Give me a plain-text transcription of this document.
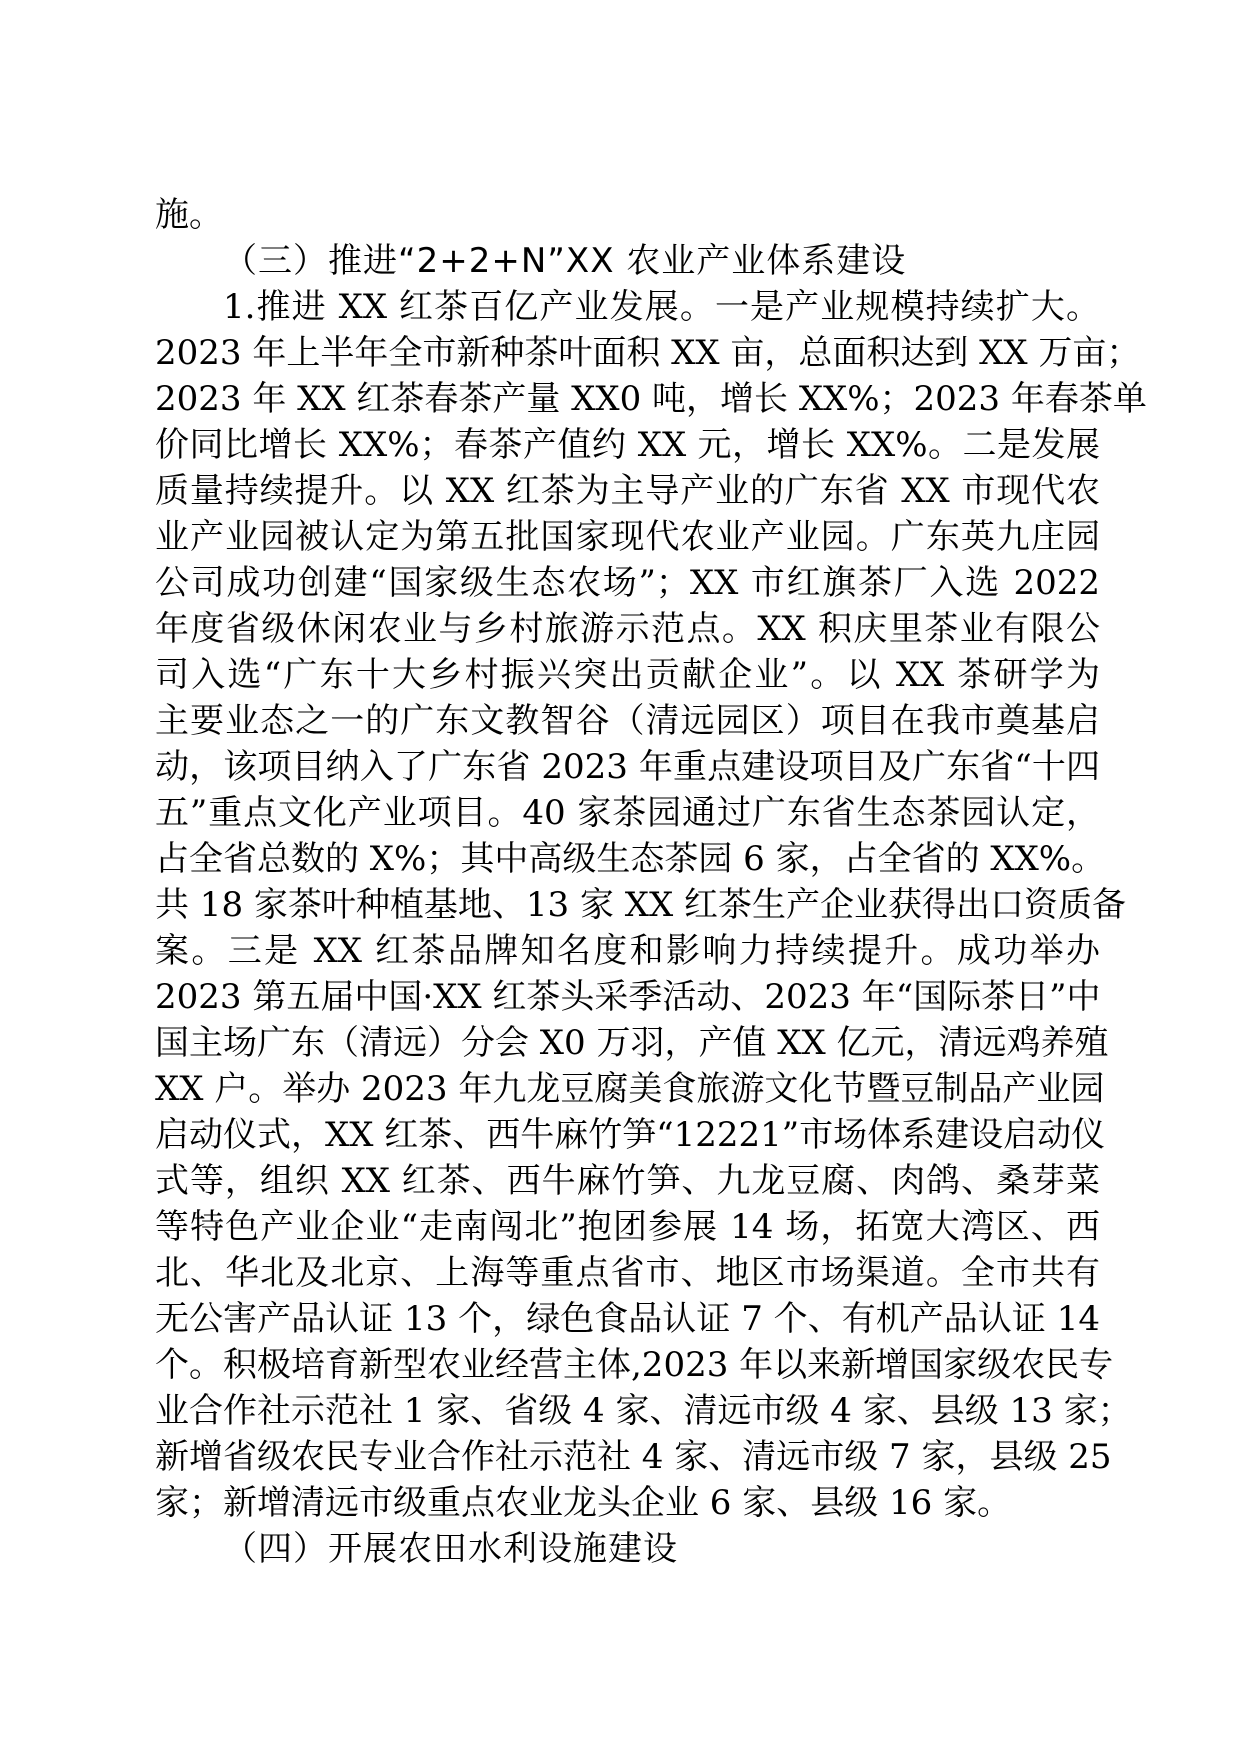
施。
（三）推进“2+2+N”XX 农业产业体系建设
1.推进 XX 红茶百亿产业发展。一是产业规模持续扩大。
2023 年上半年全市新种茶叶面积 XX 亩，总面积达到 XX 万亩；
2023 年 XX 红茶春茶产量 XX0 吨，增长 XX%；2023 年春茶单
价同比增长 XX%；春茶产值约 XX 元，增长 XX%。二是发展
质量持续提升。以 XX 红茶为主导产业的广东省 XX 市现代农
业产业园被认定为第五批国家现代农业产业园。广东英九庄园
公司成功创建“国家级生态农场”；XX 市红旗茶厂入选 2022
年度省级休闲农业与乡村旅游示范点。XX 积庆里茶业有限公
司入选“广东十大乡村振兴突出贡献企业”。以 XX 茶研学为
主要业态之一的广东文教智谷（清远园区）项目在我市奠基启
动，该项目纳入了广东省 2023 年重点建设项目及广东省“十四
五”重点文化产业项目。40 家茶园通过广东省生态茶园认定，
占全省总数的 X%；其中高级生态茶园 6 家，占全省的 XX%。
共 18 家茶叶种植基地、13 家 XX 红茶生产企业获得出口资质备
案。三是 XX 红茶品牌知名度和影响力持续提升。成功举办
2023 第五届中国·XX 红茶头采季活动、2023 年“国际茶日”中
国主场广东（清远）分会 X0 万羽，产值 XX 亿元，清远鸡养殖
XX 户。举办 2023 年九龙豆腐美食旅游文化节暨豆制品产业园
启动仪式，XX 红茶、西牛麻竹笋“12221”市场体系建设启动仪
式等，组织 XX 红茶、西牛麻竹笋、九龙豆腐、肉鸽、桑芽菜
等特色产业企业“走南闯北”抱团参展 14 场，拓宽大湾区、西
北、华北及北京、上海等重点省市、地区市场渠道。全市共有
无公害产品认证 13 个，绿色食品认证 7 个、有机产品认证 14
个。积极培育新型农业经营主体,2023 年以来新增国家级农民专
业合作社示范社 1 家、省级 4 家、清远市级 4 家、县级 13 家；
新增省级农民专业合作社示范社 4 家、清远市级 7 家，县级 25
家；新增清远市级重点农业龙头企业 6 家、县级 16 家。
（四）开展农田水利设施建设
